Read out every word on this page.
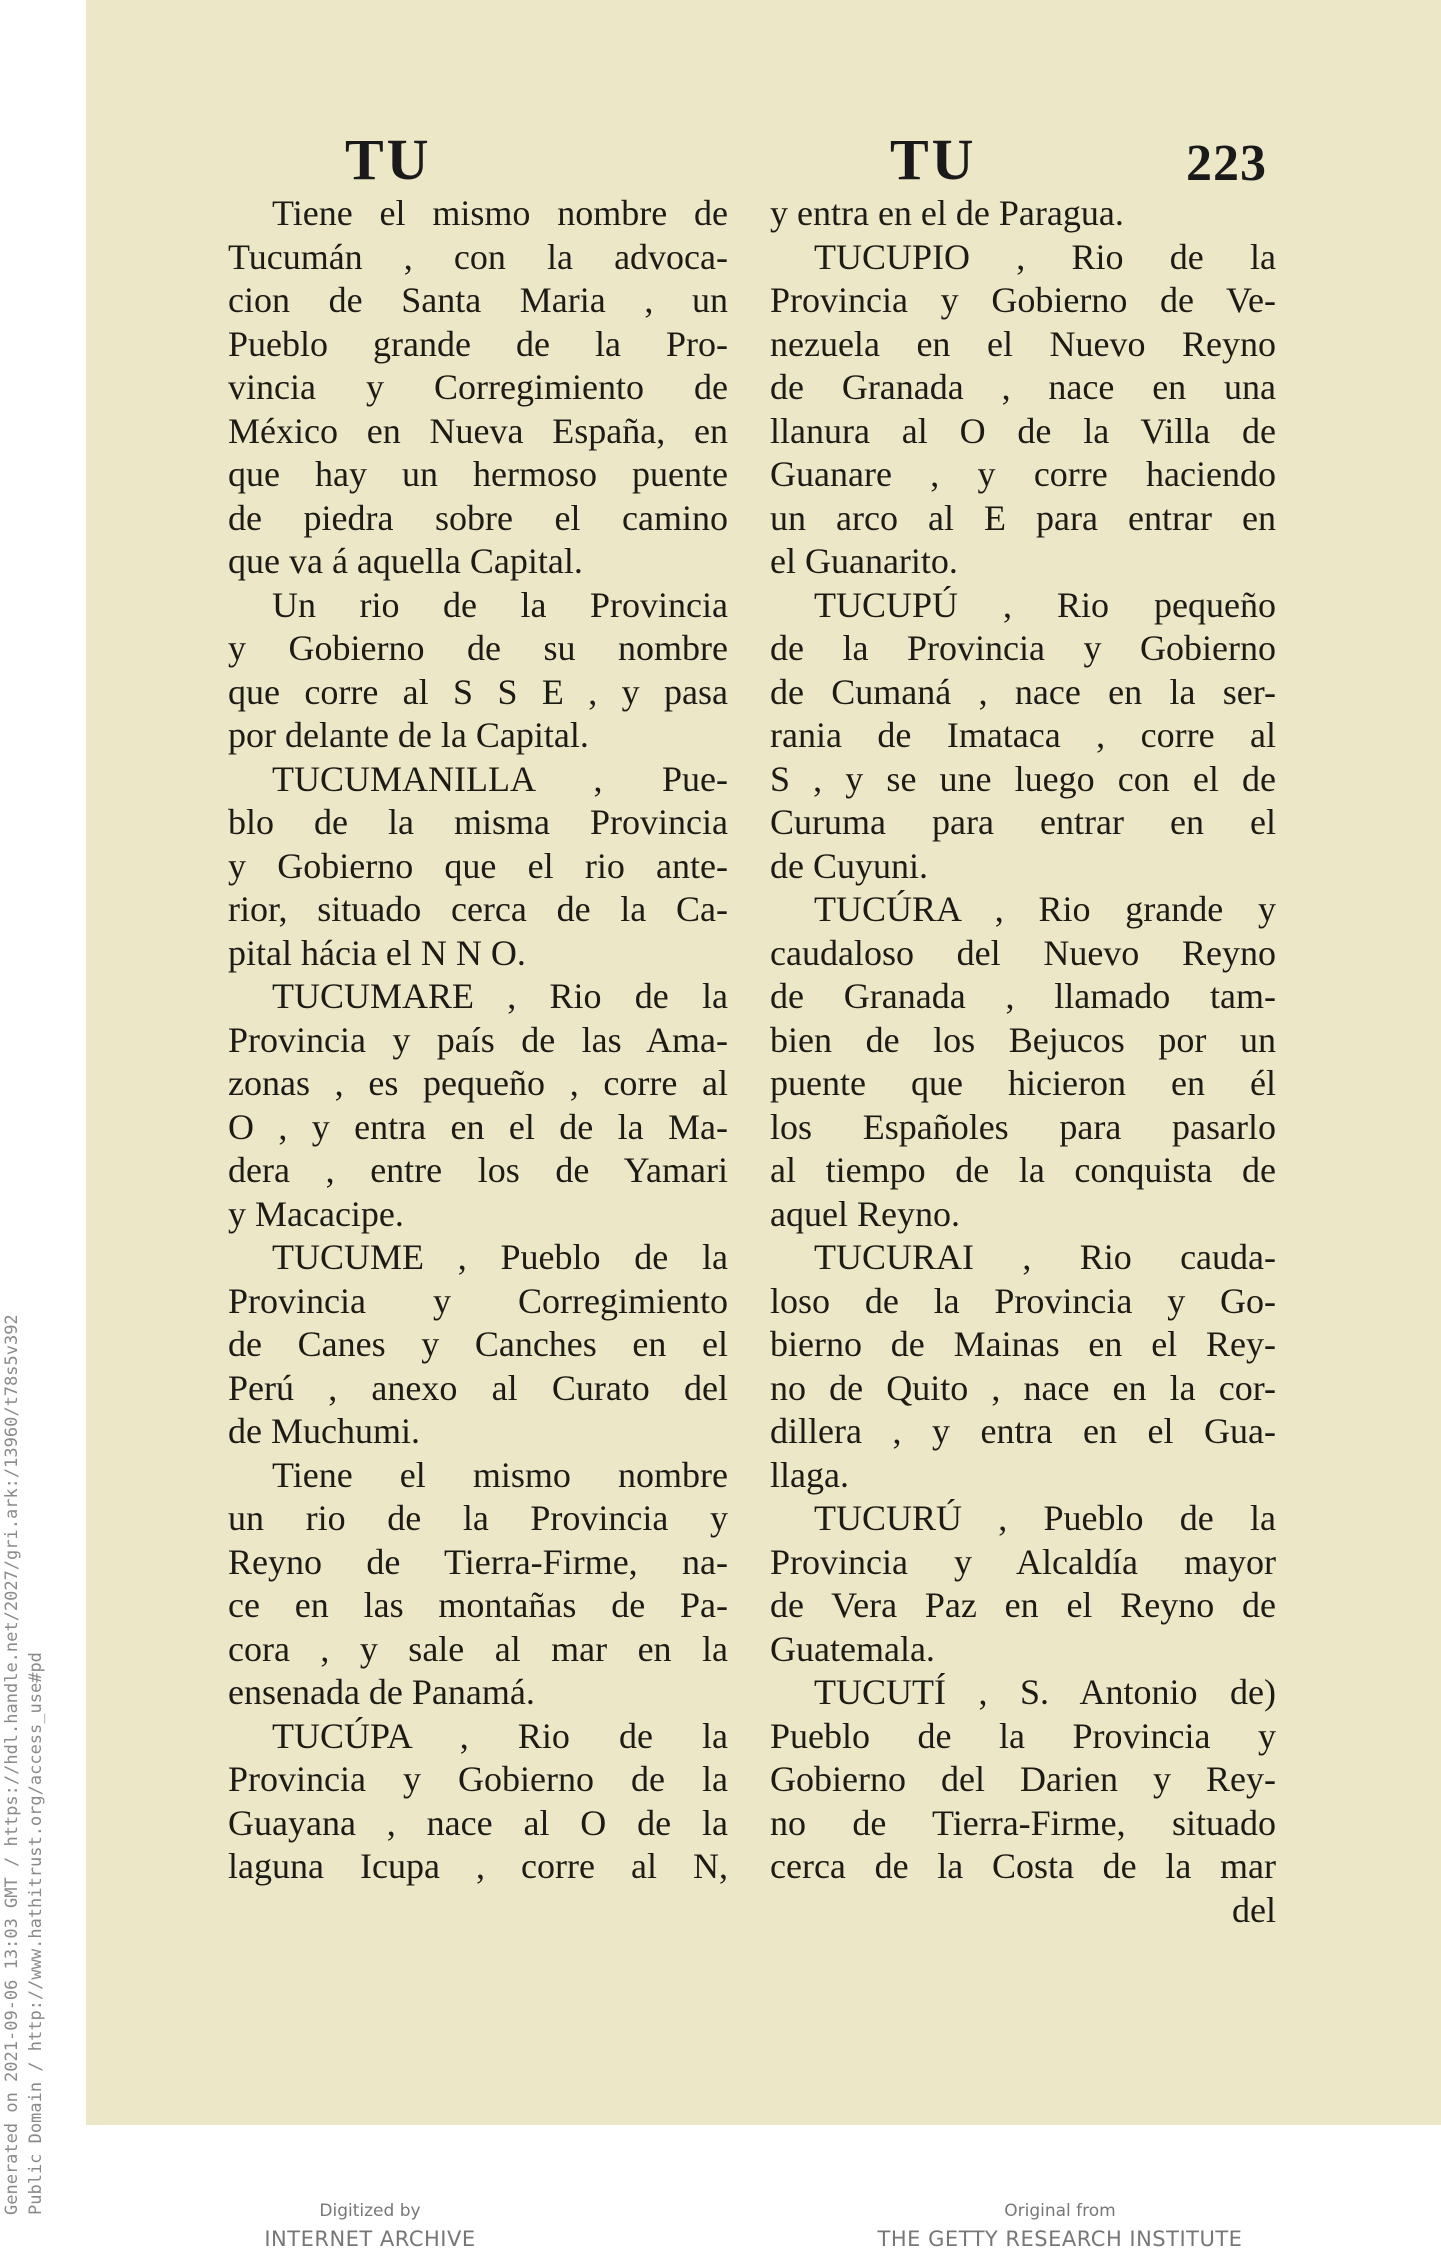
TU	TU	223
Tiene el mismo nombre de
Tucumán , con la advoca-
cion de Santa Maria , un
Pueblo grande de la Pro-
vincia y Corregimiento de
México en Nueva España, en
que hay un hermoso puente
de piedra sobre el camino
que va á aquella Capital.
Un rio de la Provincia
y Gobierno de su nombre
que corre al S S E , y pasa
por delante de la Capital.
TUCUMANILLA , Pue-
blo de la misma Provincia
y Gobierno que el rio ante-
rior, situado cerca de la Ca-
pital hácia el N N O.
TUCUMARE , Rio de la
Provincia y país de las Ama-
zonas , es pequeño , corre al
O , y entra en el de la Ma-
dera , entre los de Yamari
y Macacipe.
TUCUME , Pueblo de la
Provincia y Corregimiento
de Canes y Canches en el
Perú , anexo al Curato del
de Muchumi.
Tiene el mismo nombre
un rio de la Provincia y
Reyno de Tierra-Firme, na-
ce en las montañas de Pa-
cora , y sale al mar en la
ensenada de Panamá.
TUCÚPA , Rio de la
Provincia y Gobierno de la
Guayana , nace al O de la
laguna Icupa , corre al N,
y entra en el de Paragua.
TUCUPIO , Rio de la
Provincia y Gobierno de Ve-
nezuela en el Nuevo Reyno
de Granada , nace en una
llanura al O de la Villa de
Guanare , y corre haciendo
un arco al E para entrar en
el Guanarito.
TUCUPÚ , Rio pequeño
de la Provincia y Gobierno
de Cumaná , nace en la ser-
rania de Imataca , corre al
S , y se une luego con el de
Curuma para entrar en el
de Cuyuni.
TUCÚRA , Rio grande y
caudaloso del Nuevo Reyno
de Granada , llamado tam-
bien de los Bejucos por un
puente que hicieron en él
los Españoles para pasarlo
al tiempo de la conquista de
aquel Reyno.
TUCURAI , Rio cauda-
loso de la Provincia y Go-
bierno de Mainas en el Rey-
no de Quito , nace en la cor-
dillera , y entra en el Gua-
llaga.
TUCURÚ , Pueblo de la
Provincia y Alcaldía mayor
de Vera Paz en el Reyno de
Guatemala.
TUCUTÍ , S. Antonio de)
Pueblo de la Provincia y
Gobierno del Darien y Rey-
no de Tierra-Firme, situado
cerca de la Costa de la mar
del
Generated on 2021-09-06 13:03 GMT / https://hdl.handle.net/2027/gri.ark:/13960/t78s5v392 Public Domain / http://www.hathitrust.org/access_use#pd	Digitized by
INTERNET ARCHIVE
Original from
THE GETTY RESEARCH INSTITUTE
